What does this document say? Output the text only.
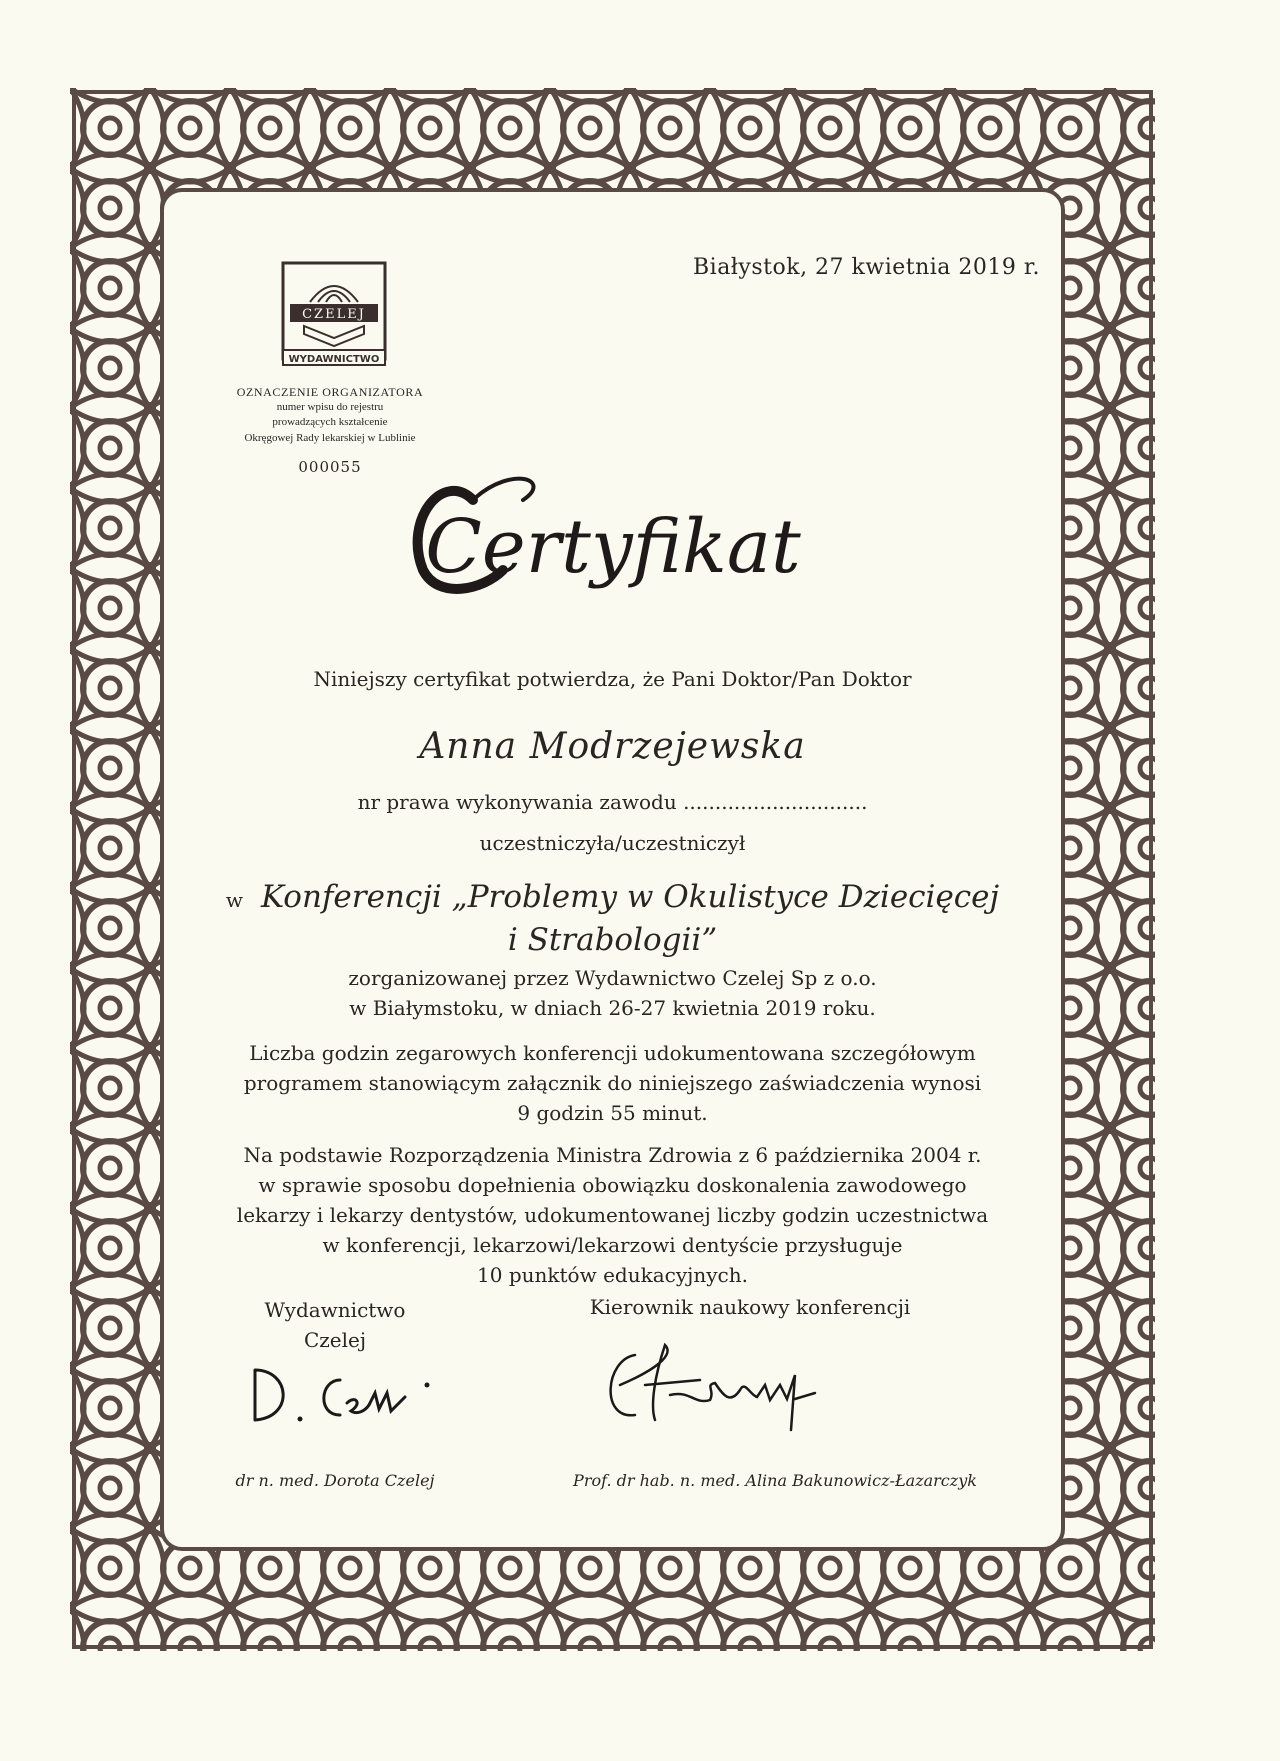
Białystok, 27 kwietnia 2019 r.
CZELEJ
WYDAWNICTWO
OZNACZENIE ORGANIZATORA
numer wpisu do rejestru
prowadzących kształcenie
Okręgowej Rady lekarskiej w Lublinie
000055
Certyfikat
Niniejszy certyfikat potwierdza, że Pani Doktor/Pan Doktor
Anna Modrzejewska
nr prawa wykonywania zawodu .............................
uczestniczyła/uczestniczył
w Konferencji „Problemy w Okulistyce Dziecięcej
i Strabologii”
zorganizowanej przez Wydawnictwo Czelej Sp z o.o.
w Białymstoku, w dniach 26-27 kwietnia 2019 roku.
Liczba godzin zegarowych konferencji udokumentowana szczegółowym
programem stanowiącym załącznik do niniejszego zaświadczenia wynosi
9 godzin 55 minut.
Na podstawie Rozporządzenia Ministra Zdrowia z 6 października 2004 r.
w sprawie sposobu dopełnienia obowiązku doskonalenia zawodowego
lekarzy i lekarzy dentystów, udokumentowanej liczby godzin uczestnictwa
w konferencji, lekarzowi/lekarzowi dentyście przysługuje
10 punktów edukacyjnych.
Wydawnictwo
Czelej
Kierownik naukowy konferencji
dr n. med. Dorota Czelej	Prof. dr hab. n. med. Alina Bakunowicz-Łazarczyk
